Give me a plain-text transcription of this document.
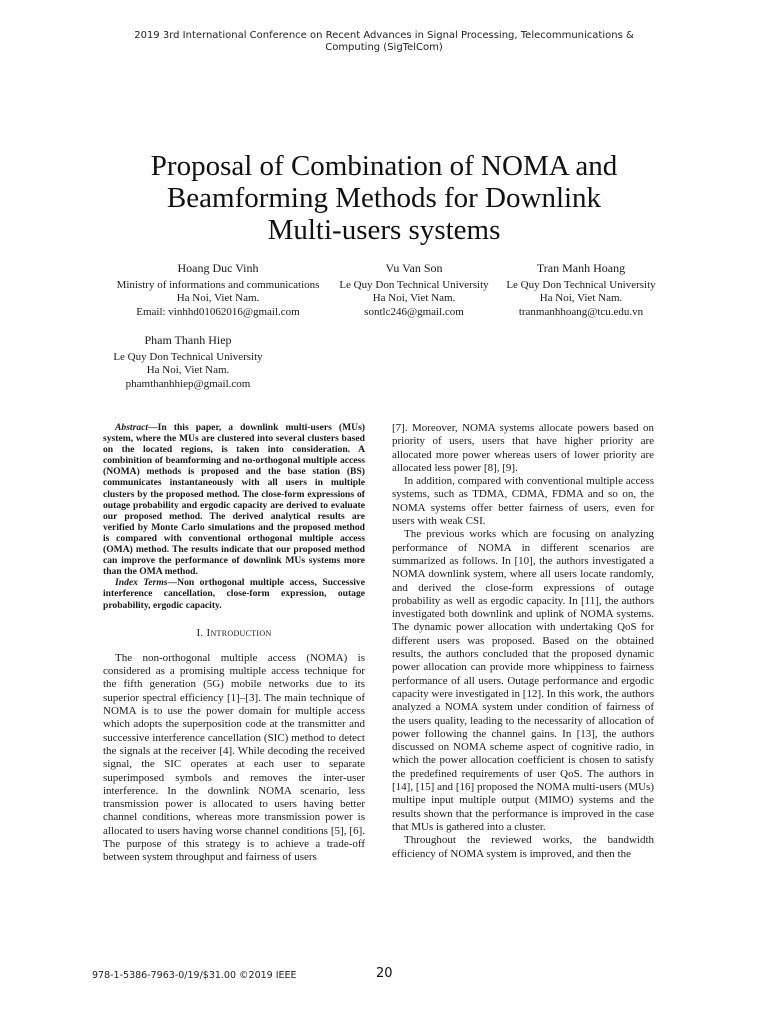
2019 3rd International Conference on Recent Advances in Signal Processing, Telecommunications &
Computing (SigTelCom)
Proposal of Combination of NOMA and
Beamforming Methods for Downlink
Multi-users systems
Hoang Duc Vinh
Ministry of informations and communications
Ha Noi, Viet Nam.
Email: vinhhd01062016@gmail.com
Vu Van Son
Le Quy Don Technical University
Ha Noi, Viet Nam.
sontlc246@gmail.com
Tran Manh Hoang
Le Quy Don Technical University
Ha Noi, Viet Nam.
tranmanhhoang@tcu.edu.vn
Pham Thanh Hiep
Le Quy Don Technical University
Ha Noi, Viet Nam.
phamthanhhiep@gmail.com

Abstract—In this paper, a downlink multi-users (MUs) system, where the MUs are clustered into several clusters based on the located regions, is taken into consideration. A combinition of beamforming and no-orthogonal multiple access (NOMA) methods is proposed and the base station (BS) communicates instantaneously with all users in multiple clusters by the proposed method. The close-form expressions of outage probability and ergodic capacity are derived to evaluate our proposed method. The derived analytical results are verified by Monte Carlo simulations and the proposed method is compared with conventional orthogonal multiple access (OMA) method. The results indicate that our proposed method can improve the performance of downlink MUs systems more than the OMA method.

Index Terms—Non orthogonal multiple access, Successive interference cancellation, close-form expression, outage probability, ergodic capacity.

I. Introduction

The non-orthogonal multiple access (NOMA) is considered as a promising multiple access technique for the fifth generation (5G) mobile networks due to its superior spectral efficiency [1]–[3]. The main technique of NOMA is to use the power domain for multiple access which adopts the superposition code at the transmitter and successive interference cancellation (SIC) method to detect the signals at the receiver [4]. While decoding the received signal, the SIC operates at each user to separate superimposed symbols and removes the inter-user interference. In the downlink NOMA scenario, less transmission power is allocated to users having better channel conditions, whereas more transmission power is allocated to users having worse channel conditions [5], [6]. The purpose of this strategy is to achieve a trade-off between system throughput and fairness of users

[7]. Moreover, NOMA systems allocate powers based on priority of users, users that have higher priority are allocated more power whereas users of lower priority are allocated less power [8], [9].

In addition, compared with conventional multiple access systems, such as TDMA, CDMA, FDMA and so on, the NOMA systems offer better fairness of users, even for users with weak CSI.

The previous works which are focusing on analyzing performance of NOMA in different scenarios are summarized as follows. In [10], the authors investigated a NOMA downlink system, where all users locate randomly, and derived the close-form expressions of outage probability as well as ergodic capacity. In [11], the authors investigated both downlink and uplink of NOMA systems. The dynamic power allocation with undertaking QoS for different users was proposed. Based on the obtained results, the authors concluded that the proposed dynamic power allocation can provide more whippiness to fairness performance of all users. Outage performance and ergodic capacity were investigated in [12]. In this work, the authors analyzed a NOMA system under condition of fairness of the users quality, leading to the necessarity of allocation of power following the channel gains. In [13], the authors discussed on NOMA scheme aspect of cognitive radio, in which the power allocation coefficient is chosen to satisfy the predefined requirements of user QoS. The authors in [14], [15] and [16] proposed the NOMA multi-users (MUs) multipe input multiple output (MIMO) systems and the results shown that the performance is improved in the case that MUs is gathered into a cluster.

Throughout the reviewed works, the bandwidth efficiency of NOMA system is improved, and then the

978-1-5386-7963-0/19/$31.00 ©2019 IEEE	20
